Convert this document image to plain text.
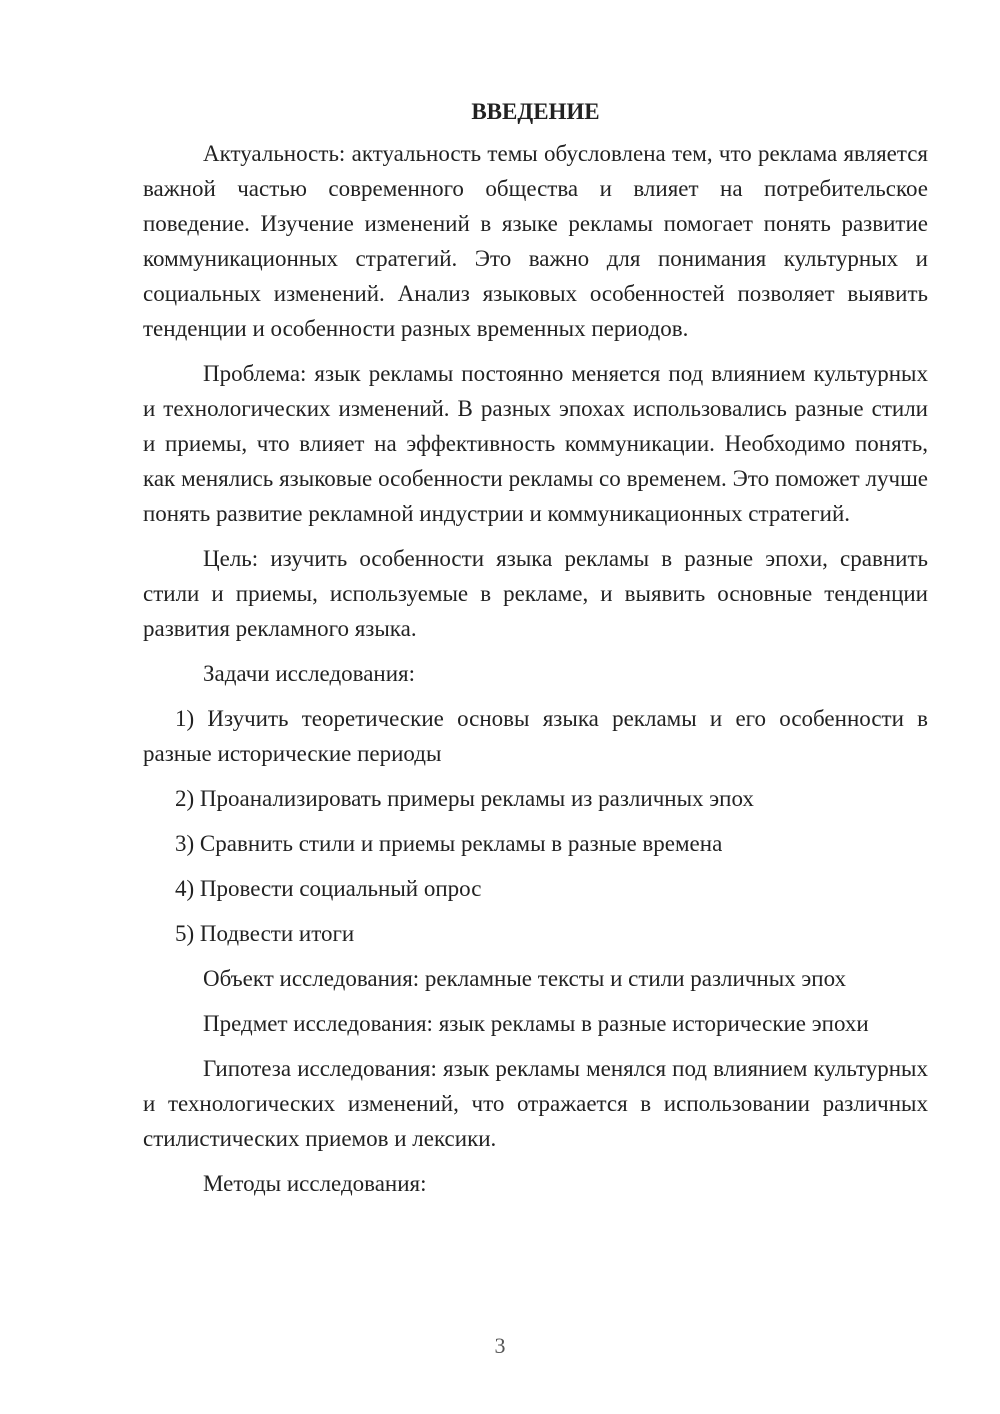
ВВЕДЕНИЕ

Актуальность: актуальность темы обусловлена тем, что реклама является важной частью современного общества и влияет на потребительское поведение. Изучение изменений в языке рекламы помогает понять развитие коммуникационных стратегий. Это важно для понимания культурных и социальных изменений. Анализ языковых особенностей позволяет выявить тенденции и особенности разных временных периодов.

Проблема: язык рекламы постоянно меняется под влиянием культурных и технологических изменений. В разных эпохах использовались разные стили и приемы, что влияет на эффективность коммуникации. Необходимо понять, как менялись языковые особенности рекламы со временем. Это поможет лучше понять развитие рекламной индустрии и коммуникационных стратегий.

Цель: изучить особенности языка рекламы в разные эпохи, сравнить стили и приемы, используемые в рекламе, и выявить основные тенденции развития рекламного языка.

Задачи исследования:

1) Изучить теоретические основы языка рекламы и его особенности в разные исторические периоды

2) Проанализировать примеры рекламы из различных эпох

3) Сравнить стили и приемы рекламы в разные времена

4) Провести социальный опрос

5) Подвести итоги

Объект исследования: рекламные тексты и стили различных эпох

Предмет исследования: язык рекламы в разные исторические эпохи

Гипотеза исследования: язык рекламы менялся под влиянием культурных и технологических изменений, что отражается в использовании различных стилистических приемов и лексики.

Методы исследования:

3
